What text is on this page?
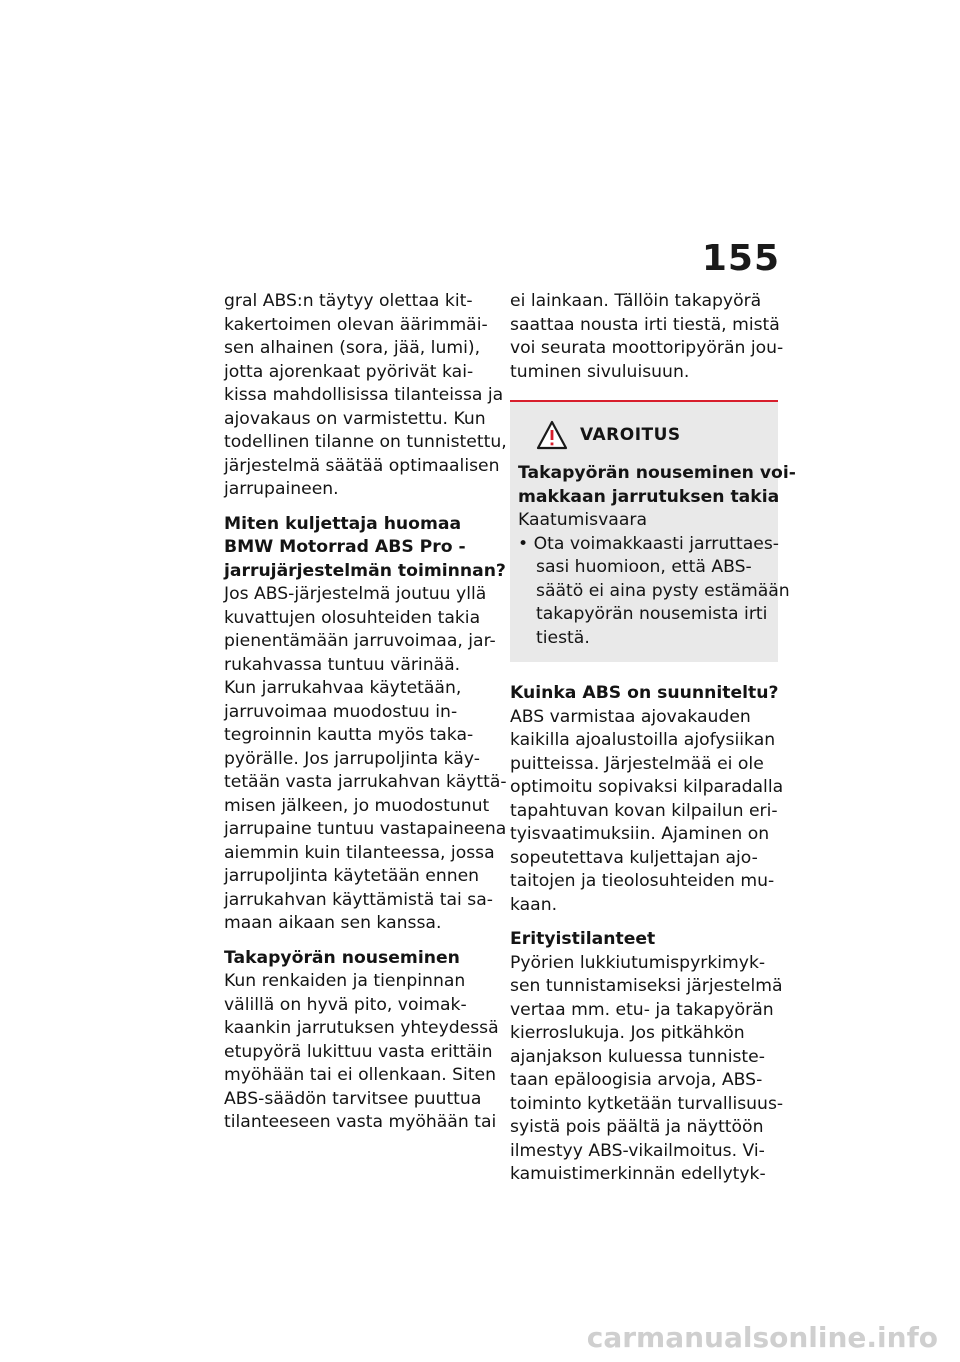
155
gral ABS:n täytyy olettaa kit-
kakertoimen olevan äärimmäi-
sen alhainen (sora, jää, lumi),
jotta ajorenkaat pyörivät kai-
kissa mahdollisissa tilanteissa ja
ajovakaus on varmistettu. Kun
todellinen tilanne on tunnistettu,
järjestelmä säätää optimaalisen
jarrupaineen.
Miten kuljettaja huomaa
BMW Motorrad ABS Pro -
jarrujärjestelmän toiminnan?
Jos ABS-järjestelmä joutuu yllä
kuvattujen olosuhteiden takia
pienentämään jarruvoimaa, jar-
rukahvassa tuntuu värinää.
Kun jarrukahvaa käytetään,
jarruvoimaa muodostuu in-
tegroinnin kautta myös taka-
pyörälle. Jos jarrupoljinta käy-
tetään vasta jarrukahvan käyttä-
misen jälkeen, jo muodostunut
jarrupaine tuntuu vastapaineena
aiemmin kuin tilanteessa, jossa
jarrupoljinta käytetään ennen
jarrukahvan käyttämistä tai sa-
maan aikaan sen kanssa.
Takapyörän nouseminen
Kun renkaiden ja tienpinnan
välillä on hyvä pito, voimak-
kaankin jarrutuksen yhteydessä
etupyörä lukittuu vasta erittäin
myöhään tai ei ollenkaan. Siten
ABS-säädön tarvitsee puuttua
tilanteeseen vasta myöhään tai
ei lainkaan. Tällöin takapyörä
saattaa nousta irti tiestä, mistä
voi seurata moottoripyörän jou-
tuminen sivuluisuun.
VAROITUS
Takapyörän nouseminen voi-
makkaan jarrutuksen takia
Kaatumisvaara
• Ota voimakkaasti jarruttaes-
sasi huomioon, että ABS-
säätö ei aina pysty estämään
takapyörän nousemista irti
tiestä.
Kuinka ABS on suunniteltu?
ABS varmistaa ajovakauden
kaikilla ajoalustoilla ajofysiikan
puitteissa. Järjestelmää ei ole
optimoitu sopivaksi kilparadalla
tapahtuvan kovan kilpailun eri-
tyisvaatimuksiin. Ajaminen on
sopeutettava kuljettajan ajo-
taitojen ja tieolosuhteiden mu-
kaan.
Erityistilanteet
Pyörien lukkiutumispyrkimyk-
sen tunnistamiseksi järjestelmä
vertaa mm. etu- ja takapyörän
kierroslukuja. Jos pitkähkön
ajanjakson kuluessa tunniste-
taan epäloogisia arvoja, ABS-
toiminto kytketään turvallisuus-
syistä pois päältä ja näyttöön
ilmestyy ABS-vikailmoitus. Vi-
kamuistimerkinnän edellytyk-
carmanualsonline.info
